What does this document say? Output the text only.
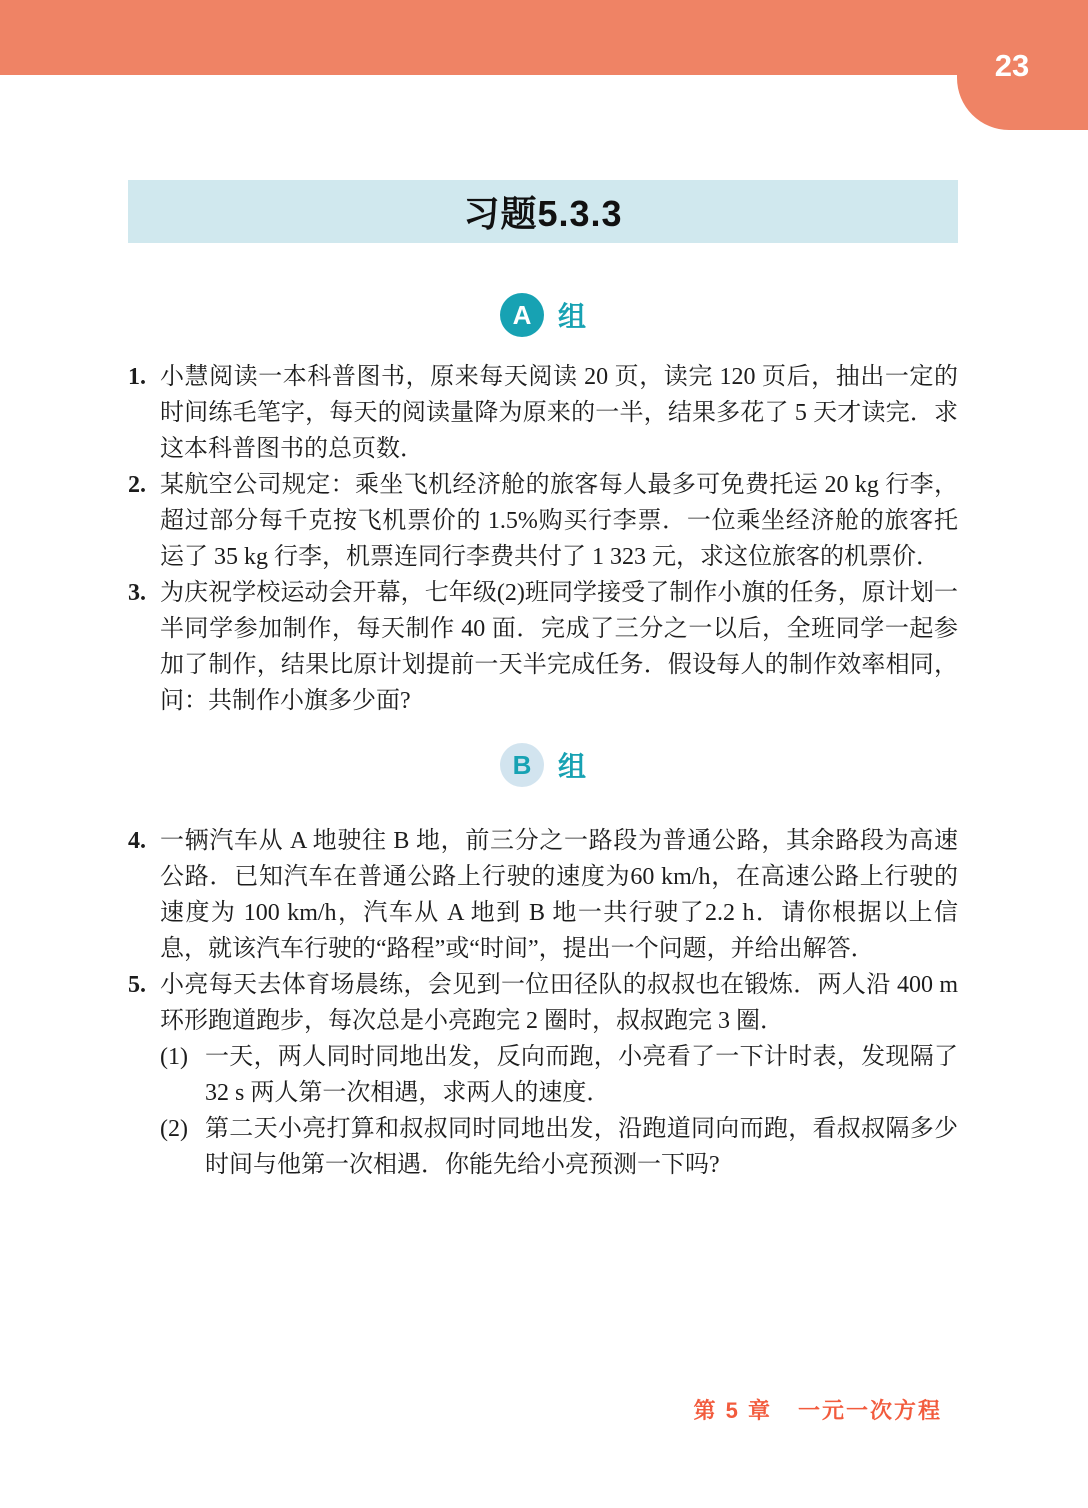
23
习题5.3.3
A 组
1. 小慧阅读一本科普图书，原来每天阅读 20 页，读完 120 页后，抽出一定的时间练毛笔字，每天的阅读量降为原来的一半，结果多花了 5 天才读完．求这本科普图书的总页数．
2. 某航空公司规定：乘坐飞机经济舱的旅客每人最多可免费托运 20 kg 行李，超过部分每千克按飞机票价的 1.5%购买行李票．一位乘坐经济舱的旅客托运了 35 kg 行李，机票连同行李费共付了 1 323 元，求这位旅客的机票价．
3. 为庆祝学校运动会开幕，七年级(2)班同学接受了制作小旗的任务，原计划一半同学参加制作，每天制作 40 面．完成了三分之一以后，全班同学一起参加了制作，结果比原计划提前一天半完成任务．假设每人的制作效率相同，问：共制作小旗多少面?
B 组
4. 一辆汽车从 A 地驶往 B 地，前三分之一路段为普通公路，其余路段为高速公路．已知汽车在普通公路上行驶的速度为60 km/h，在高速公路上行驶的速度为 100 km/h，汽车从 A 地到 B 地一共行驶了2.2 h．请你根据以上信息，就该汽车行驶的“路程”或“时间”，提出一个问题，并给出解答．
5. 小亮每天去体育场晨练，会见到一位田径队的叔叔也在锻炼．两人沿 400 m 环形跑道跑步，每次总是小亮跑完 2 圈时，叔叔跑完 3 圈．
(1) 一天，两人同时同地出发，反向而跑，小亮看了一下计时表，发现隔了 32 s 两人第一次相遇，求两人的速度．
(2) 第二天小亮打算和叔叔同时同地出发，沿跑道同向而跑，看叔叔隔多少时间与他第一次相遇．你能先给小亮预测一下吗?
第 5 章 一元一次方程
